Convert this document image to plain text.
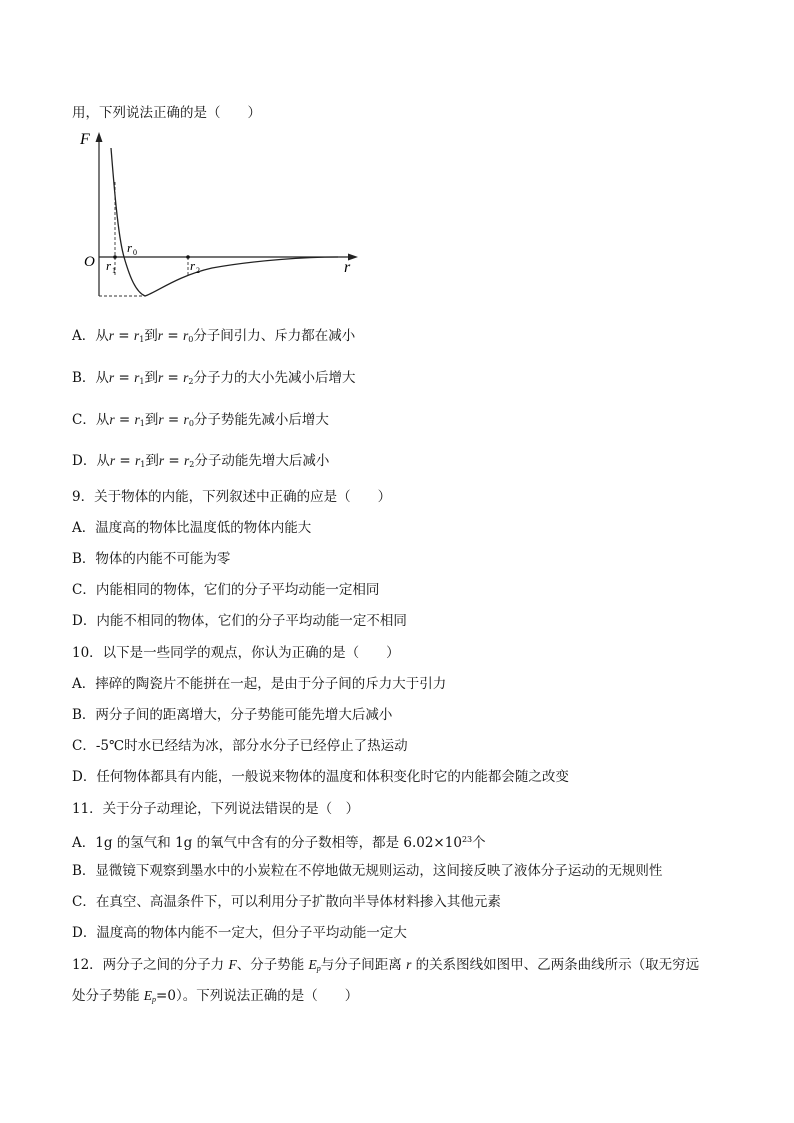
用，下列说法正确的是（　　）
F
r
O
r 0
r 1	r 2
A．从$r = r_1$到$r = r_0$分子间引力、斥力都在减小
B．从$r = r_1$到$r = r_2$分子力的大小先减小后增大
C．从$r = r_1$到$r = r_0$分子势能先减小后增大
D．从$r = r_1$到$r = r_2$分子动能先增大后减小
9．关于物体的内能，下列叙述中正确的应是（　　）
A．温度高的物体比温度低的物体内能大
B．物体的内能不可能为零
C．内能相同的物体，它们的分子平均动能一定相同
D．内能不相同的物体，它们的分子平均动能一定不相同
10．以下是一些同学的观点，你认为正确的是（　　）
A．摔碎的陶瓷片不能拼在一起，是由于分子间的斥力大于引力
B．两分子间的距离增大，分子势能可能先增大后减小
C．-5℃时水已经结为冰，部分水分子已经停止了热运动
D．任何物体都具有内能，一般说来物体的温度和体积变化时它的内能都会随之改变
11．关于分子动理论，下列说法错误的是（　）
A．1g 的氢气和 1g 的氧气中含有的分子数相等，都是 $6.02\times 10^{23}$个
B．显微镜下观察到墨水中的小炭粒在不停地做无规则运动，这间接反映了液体分子运动的无规则性
C．在真空、高温条件下，可以利用分子扩散向半导体材料掺入其他元素
D．温度高的物体内能不一定大，但分子平均动能一定大
12．两分子之间的分子力 F、分子势能 $E_p$与分子间距离 r 的关系图线如图甲、乙两条曲线所示（取无穷远
处分子势能 $E_p=0$）。下列说法正确的是（　　）
